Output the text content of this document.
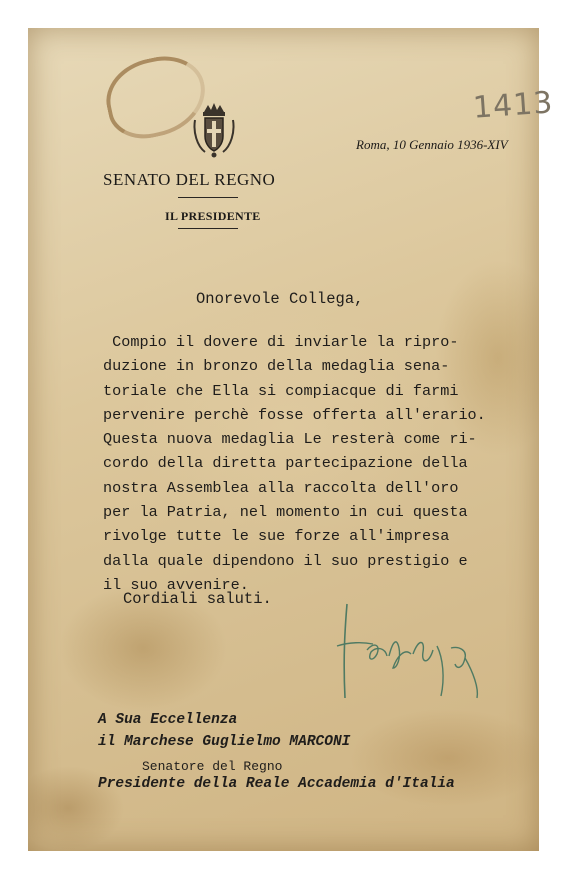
1413
Roma, 10 Gennaio 1936-XIV
SENATO DEL REGNO
IL PRESIDENTE
Onorevole Collega,
Compio il dovere di inviarle la ripro-
duzione in bronzo della medaglia sena-
toriale che Ella si compiacque di farmi
pervenire perchè fosse offerta all'erario.
Questa nuova medaglia Le resterà come ri-
cordo della diretta partecipazione della
nostra Assemblea alla raccolta dell'oro
per la Patria, nel momento in cui questa
rivolge tutte le sue forze all'impresa
dalla quale dipendono il suo prestigio e
il suo avvenire.
Cordiali saluti.	Federzoni
A Sua Eccellenza
il Marchese Guglielmo MARCONI
Senatore del Regno
Presidente della Reale Accademia d'Italia
